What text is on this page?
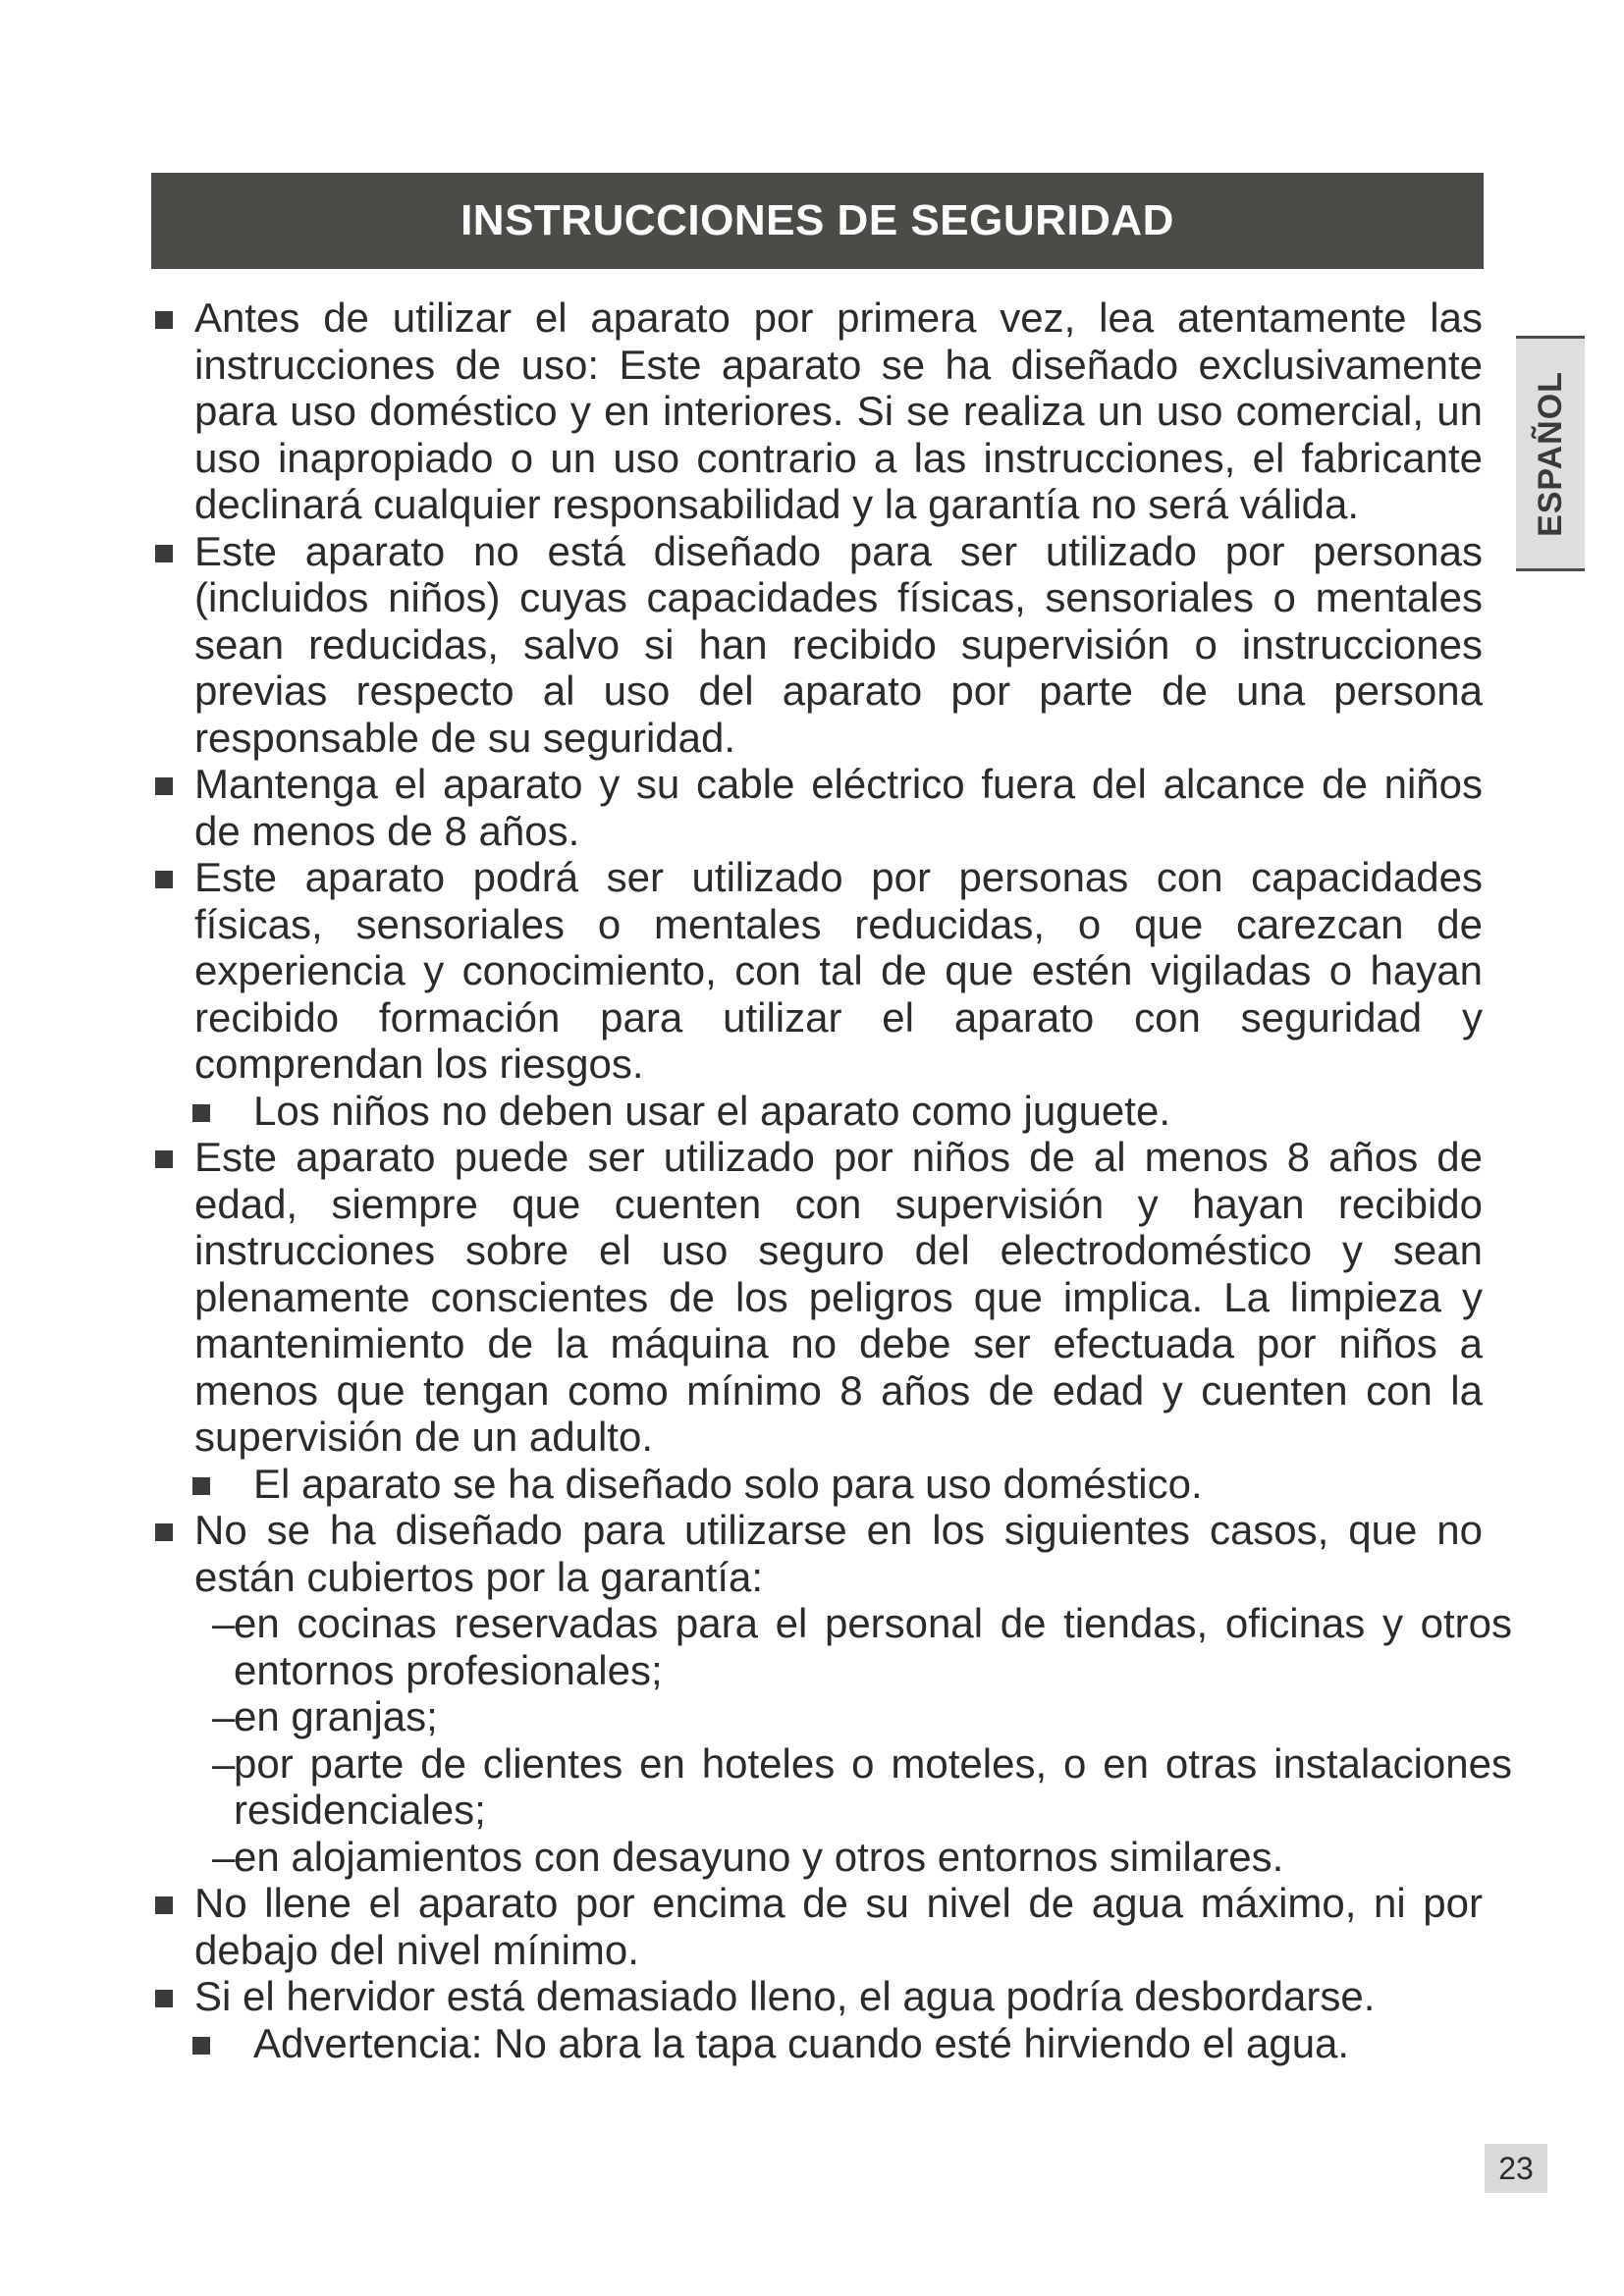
INSTRUCCIONES DE SEGURIDAD
ESPAÑOL
Antes de utilizar el aparato por primera vez, lea atentamente las instrucciones de uso: Este aparato se ha diseñado exclusivamente para uso doméstico y en interiores. Si se realiza un uso comercial, un uso inapropiado o un uso contrario a las instrucciones, el fabricante declinará cualquier responsabilidad y la garantía no será válida.
Este aparato no está diseñado para ser utilizado por personas (incluidos niños) cuyas capacidades físicas, sensoriales o mentales sean reducidas, salvo si han recibido supervisión o instrucciones previas respecto al uso del aparato por parte de una persona responsable de su seguridad.
Mantenga el aparato y su cable eléctrico fuera del alcance de niños de menos de 8 años.
Este aparato podrá ser utilizado por personas con capacidades físicas, sensoriales o mentales reducidas, o que carezcan de experiencia y conocimiento, con tal de que estén vigiladas o hayan recibido formación para utilizar el aparato con seguridad y comprendan los riesgos.
Los niños no deben usar el aparato como juguete.
Este aparato puede ser utilizado por niños de al menos 8 años de edad, siempre que cuenten con supervisión y hayan recibido instrucciones sobre el uso seguro del electrodoméstico y sean plenamente conscientes de los peligros que implica. La limpieza y mantenimiento de la máquina no debe ser efectuada por niños a menos que tengan como mínimo 8 años de edad y cuenten con la supervisión de un adulto.
El aparato se ha diseñado solo para uso doméstico.
No se ha diseñado para utilizarse en los siguientes casos, que no están cubiertos por la garantía:
–
en cocinas reservadas para el personal de tiendas, oficinas y otros entornos profesionales;
–
en granjas;
–
por parte de clientes en hoteles o moteles, o en otras instalaciones residenciales;
–
en alojamientos con desayuno y otros entornos similares.
No llene el aparato por encima de su nivel de agua máximo, ni por debajo del nivel mínimo.
Si el hervidor está demasiado lleno, el agua podría desbordarse.
Advertencia: No abra la tapa cuando esté hirviendo el agua.
23
